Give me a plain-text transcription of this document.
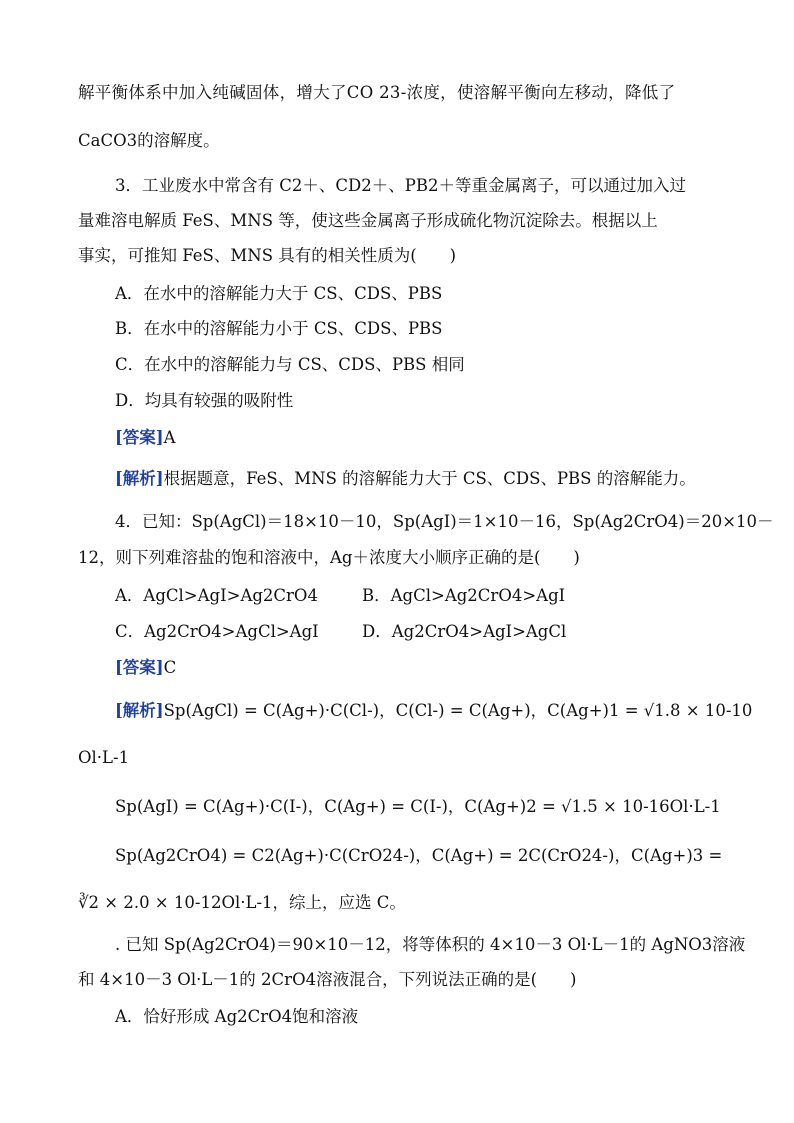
解平衡体系中加入纯碱固体，增大了CO 23-浓度，使溶解平衡向左移动，降低了
CaCO3的溶解度。
3．工业废水中常含有 C2＋、CD2＋、PB2＋等重金属离子，可以通过加入过
量难溶电解质 FeS、MNS 等，使这些金属离子形成硫化物沉淀除去。根据以上
事实，可推知 FeS、MNS 具有的相关性质为(　　)
A．在水中的溶解能力大于 CS、CDS、PBS
B．在水中的溶解能力小于 CS、CDS、PBS
C．在水中的溶解能力与 CS、CDS、PBS 相同
D．均具有较强的吸附性
[答案]A
[解析]根据题意，FeS、MNS 的溶解能力大于 CS、CDS、PBS 的溶解能力。
4．已知：Sp(AgCl)＝18×10－10，Sp(AgI)＝1×10－16，Sp(Ag2CrO4)＝20×10－
12，则下列难溶盐的饱和溶液中，Ag＋浓度大小顺序正确的是(　　)
A．AgCl>AgI>Ag2CrO4	B．AgCl>Ag2CrO4>AgI
C．Ag2CrO4>AgCl>AgI	D．Ag2CrO4>AgI>AgCl
[答案]C
[解析]Sp(AgCl) = C(Ag+)·C(Cl-)，C(Cl-) = C(Ag+)，C(Ag+)1 = √1.8 × 10-10
Ol·L-1
Sp(AgI) = C(Ag+)·C(I-)，C(Ag+) = C(I-)，C(Ag+)2 = √1.5 × 10-16Ol·L-1
Sp(Ag2CrO4) = C2(Ag+)·C(CrO24-)，C(Ag+) = 2C(CrO24-)，C(Ag+)3 =
∛2 × 2.0 × 10-12Ol·L-1，综上，应选 C。
. 已知 Sp(Ag2CrO4)＝90×10－12，将等体积的 4×10－3 Ol·L－1的 AgNO3溶液
和 4×10－3 Ol·L－1的 2CrO4溶液混合，下列说法正确的是(　　)
A．恰好形成 Ag2CrO4饱和溶液
